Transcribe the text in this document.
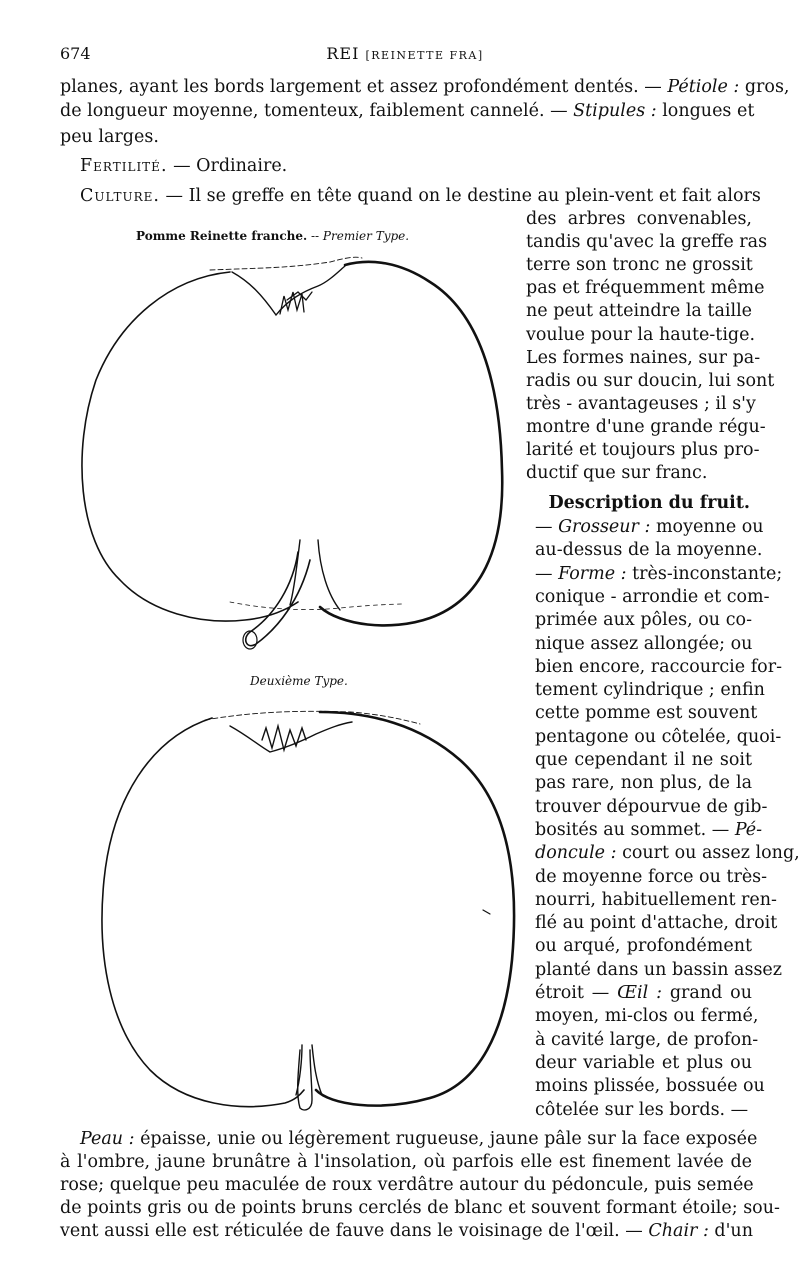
674	REI [REINETTE FRA]
planes, ayant les bords largement et assez profondément dentés. — Pétiole : gros,
de longueur moyenne, tomenteux, faiblement cannelé. — Stipules : longues et
peu larges.
Fertilité. — Ordinaire.
Culture. — Il se greffe en tête quand on le destine au plein-vent et fait alors
des arbres convenables,
tandis qu'avec la greffe ras
terre son tronc ne grossit
pas et fréquemment même
ne peut atteindre la taille
voulue pour la haute-tige.
Les formes naines, sur pa-
radis ou sur doucin, lui sont
très - avantageuses ; il s'y
montre d'une grande régu-
larité et toujours plus pro-
ductif que sur franc.
Description du fruit.
— Grosseur : moyenne ou
au-dessus de la moyenne.
— Forme : très-inconstante;
conique - arrondie et com-
primée aux pôles, ou co-
nique assez allongée; ou
bien encore, raccourcie for-
tement cylindrique ; enfin
cette pomme est souvent
pentagone ou côtelée, quoi-
que cependant il ne soit
pas rare, non plus, de la
trouver dépourvue de gib-
bosités au sommet. — Pé-
doncule : court ou assez long,
de moyenne force ou très-
nourri, habituellement ren-
flé au point d'attache, droit
ou arqué, profondément
planté dans un bassin assez
étroit — Œil : grand ou
moyen, mi-clos ou fermé,
à cavité large, de profon-
deur variable et plus ou
moins plissée, bossuée ou
côtelée sur les bords. —
Pomme Reinette franche. -- Premier Type.
Deuxième Type.
Peau : épaisse, unie ou légèrement rugueuse, jaune pâle sur la face exposée
à l'ombre, jaune brunâtre à l'insolation, où parfois elle est finement lavée de
rose; quelque peu maculée de roux verdâtre autour du pédoncule, puis semée
de points gris ou de points bruns cerclés de blanc et souvent formant étoile; sou-
vent aussi elle est réticulée de fauve dans le voisinage de l'œil. — Chair : d'un
